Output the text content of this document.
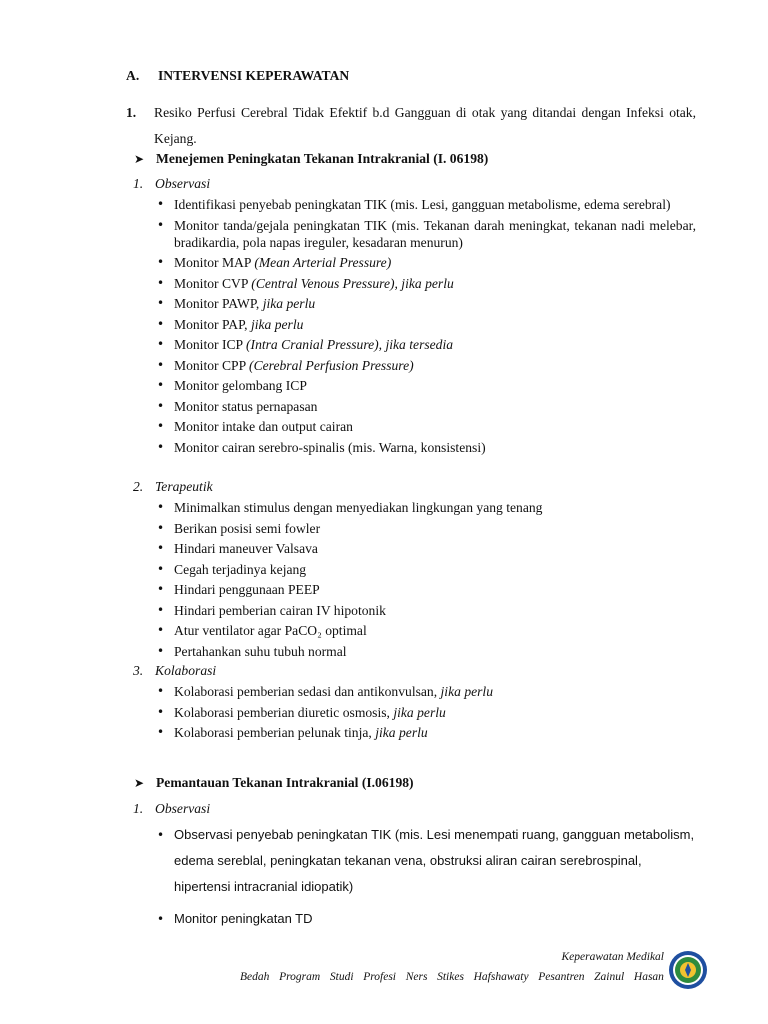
A. INTERVENSI KEPERAWATAN
1.	Resiko Perfusi Cerebral Tidak Efektif b.d Gangguan di otak yang ditandai dengan Infeksi otak, Kejang.
➤ Menejemen Peningkatan Tekanan Intrakranial (I. 06198)
1. Observasi
• Identifikasi penyebab peningkatan TIK (mis. Lesi, gangguan metabolisme, edema serebral)
• Monitor tanda/gejala peningkatan TIK (mis. Tekanan darah meningkat, tekanan nadi melebar, bradikardia, pola napas ireguler, kesadaran menurun)
• Monitor MAP (Mean Arterial Pressure)
• Monitor CVP (Central Venous Pressure), jika perlu
• Monitor PAWP, jika perlu
• Monitor PAP, jika perlu
• Monitor ICP (Intra Cranial Pressure), jika tersedia
• Monitor CPP (Cerebral Perfusion Pressure)
• Monitor gelombang ICP
• Monitor status pernapasan
• Monitor intake dan output cairan
• Monitor cairan serebro-spinalis (mis. Warna, konsistensi)
2. Terapeutik
• Minimalkan stimulus dengan menyediakan lingkungan yang tenang
• Berikan posisi semi fowler
• Hindari maneuver Valsava
• Cegah terjadinya kejang
• Hindari penggunaan PEEP
• Hindari pemberian cairan IV hipotonik
• Atur ventilator agar PaCO₂ optimal
• Pertahankan suhu tubuh normal
3. Kolaborasi
• Kolaborasi pemberian sedasi dan antikonvulsan, jika perlu
• Kolaborasi pemberian diuretic osmosis, jika perlu
• Kolaborasi pemberian pelunak tinja, jika perlu
➤ Pemantauan Tekanan Intrakranial (I.06198)
1. Observasi
• Observasi penyebab peningkatan TIK (mis. Lesi menempati ruang, gangguan metabolism, edema sereblal, peningkatan tekanan vena, obstruksi aliran cairan serebrospinal, hipertensi intracranial idiopatik)
• Monitor peningkatan TD
Keperawatan Medikal
Bedah Program Studi Profesi Ners Stikes Hafshawaty Pesantren Zainul Hasan
